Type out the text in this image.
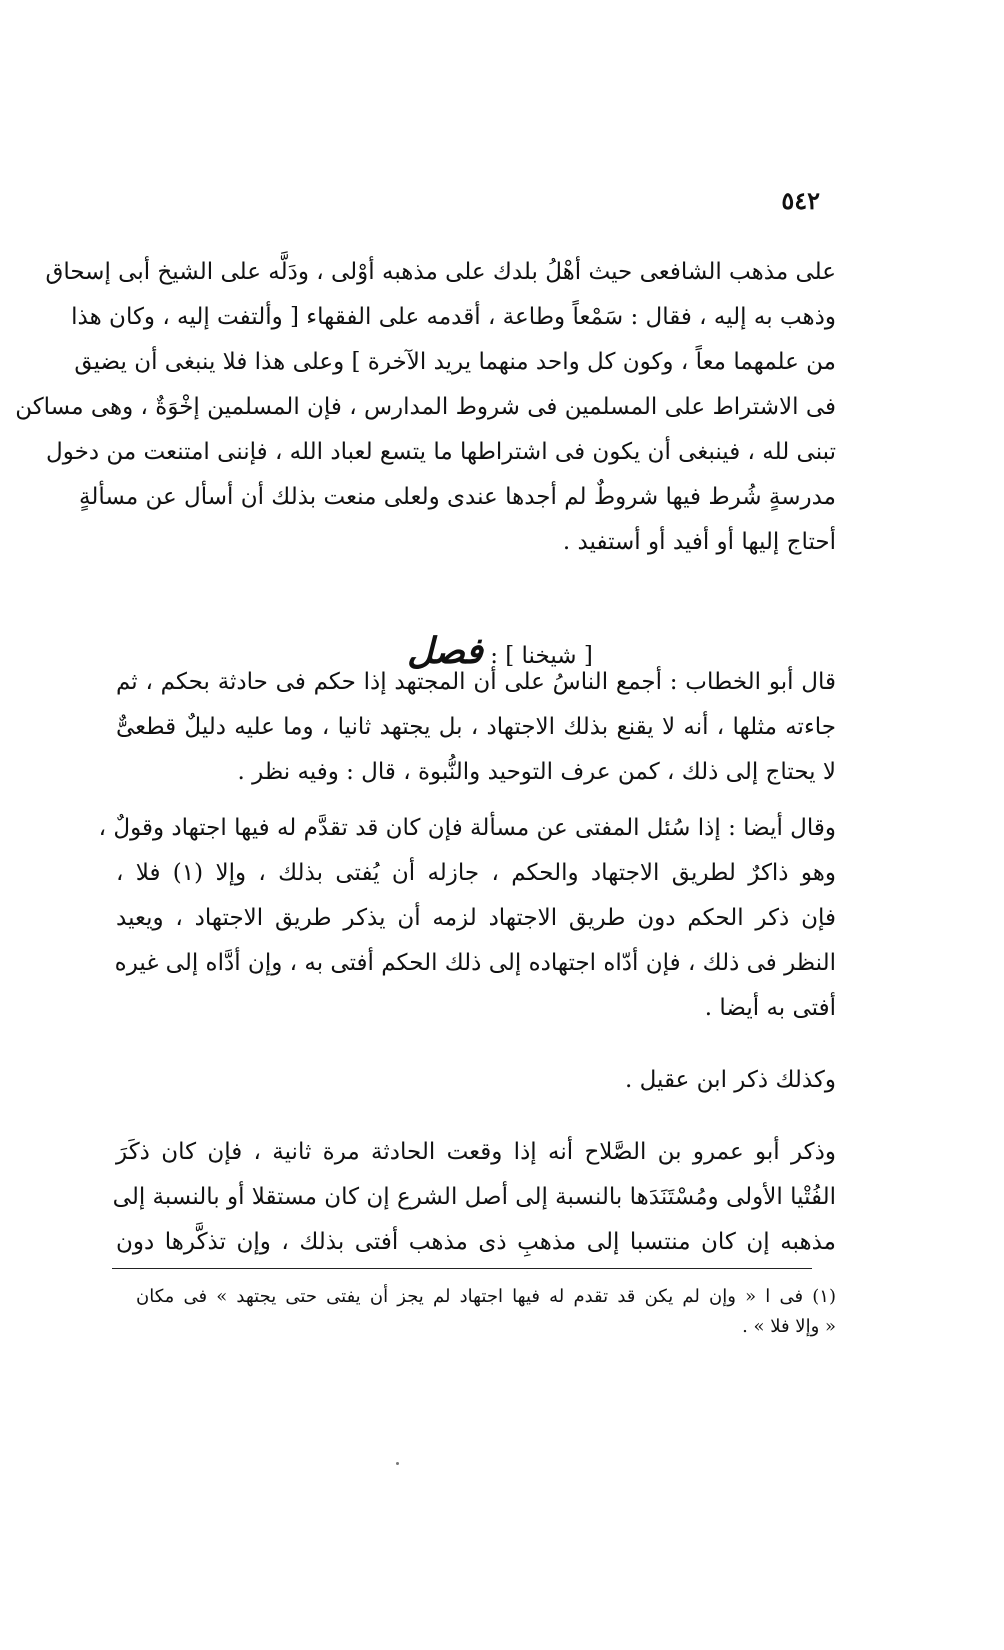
٥٤٢
على مذهب الشافعى حيث أهْلُ بلدك على مذهبه أوْلى ، ودَلَّه على الشيخ أبى إسحاق
وذهب به إليه ، فقال : سَمْعاً وطاعة ، أقدمه على الفقهاء [ وألتفت إليه ، وكان هذا
من علمهما معاً ، وكون كل واحد منهما يريد الآخرة ] وعلى هذا فلا ينبغى أن يضيق
فى الاشتراط على المسلمين فى شروط المدارس ، فإن المسلمين إخْوَةٌ ، وهى مساكن
تبنى لله ، فينبغى أن يكون فى اشتراطها ما يتسع لعباد الله ، فإننى امتنعت من دخول
مدرسةٍ شُرط فيها شروطٌ لم أجدها عندى ولعلى منعت بذلك أن أسأل عن مسألةٍ
أحتاج إليها أو أفيد أو أستفيد .
[ شيخنا ] : فصل
قال أبو الخطاب : أجمع الناسُ على أن المجتهد إذا حكم فى حادثة بحكم ، ثم
جاءته مثلها ، أنه لا يقنع بذلك الاجتهاد ، بل يجتهد ثانيا ، وما عليه دليلٌ قطعىٌّ
لا يحتاج إلى ذلك ، كمن عرف التوحيد والنُّبوة ، قال : وفيه نظر .
وقال أيضا : إذا سُئل المفتى عن مسألة فإن كان قد تقدَّم له فيها اجتهاد وقولٌ ،
وهو ذاكرٌ لطريق الاجتهاد والحكم ، جازله أن يُفتى بذلك ، وإلا (١) فلا ،
فإن ذكر الحكم دون طريق الاجتهاد لزمه أن يذكر طريق الاجتهاد ، ويعيد
النظر فى ذلك ، فإن أدّاه اجتهاده إلى ذلك الحكم أفتى به ، وإن أدَّاه إلى غيره
أفتى به أيضا .
وكذلك ذكر ابن عقيل .
وذكر أبو عمرو بن الصَّلاح أنه إذا وقعت الحادثة مرة ثانية ، فإن كان ذكَرَ
الفُتْيا الأولى ومُسْتَنَدَها بالنسبة إلى أصل الشرع إن كان مستقلا أو بالنسبة إلى
مذهبه إن كان منتسبا إلى مذهبِ ذى مذهب أفتى بذلك ، وإن تذكَّرها دون
(١) فى ا « وإن لم يكن قد تقدم له فيها اجتهاد لم يجز أن يفتى حتى يجتهد » فى مكان
« وإلا فلا » .
